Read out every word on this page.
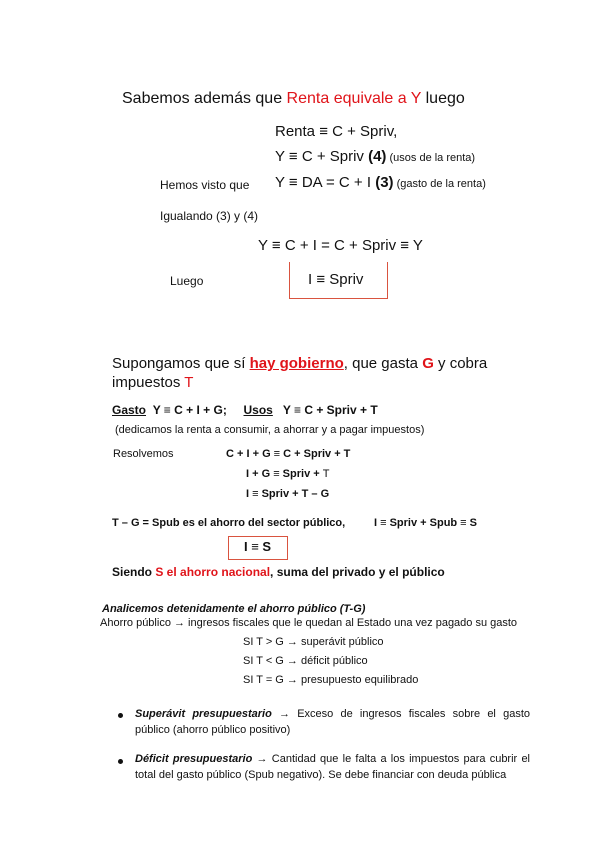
Sabemos además que Renta equivale a Y luego
Renta ≡ C + Spriv,
Y ≡ C + Spriv (4) (usos de la renta)
Hemos visto que Y ≡ DA = C + I (3) (gasto de la renta)
Igualando (3) y (4)
Y ≡ C + I = C + Spriv ≡ Y
Luego	I ≡ Spriv
Supongamos que sí hay gobierno, que gasta G y cobra
impuestos T
Gasto Y ≡ C + I + G; Usos Y ≡ C + Spriv + T
(dedicamos la renta a consumir, a ahorrar y a pagar impuestos)
Resolvemos	C + I + G ≡ C + Spriv + T
I + G ≡ Spriv + T
I ≡ Spriv + T – G
T – G = Spub es el ahorro del sector público,	I ≡ Spriv + Spub ≡ S
I ≡ S
Siendo S el ahorro nacional, suma del privado y el público
Analicemos detenidamente el ahorro público (T-G)
Ahorro público → ingresos fiscales que le quedan al Estado una vez pagado su gasto
SI T > G → superávit público
SI T < G → déficit público
SI T = G → presupuesto equilibrado
Superávit presupuestario → Exceso de ingresos fiscales sobre el gasto público (ahorro público positivo)
Déficit presupuestario → Cantidad que le falta a los impuestos para cubrir el total del gasto público (Spub negativo). Se debe financiar con deuda pública
